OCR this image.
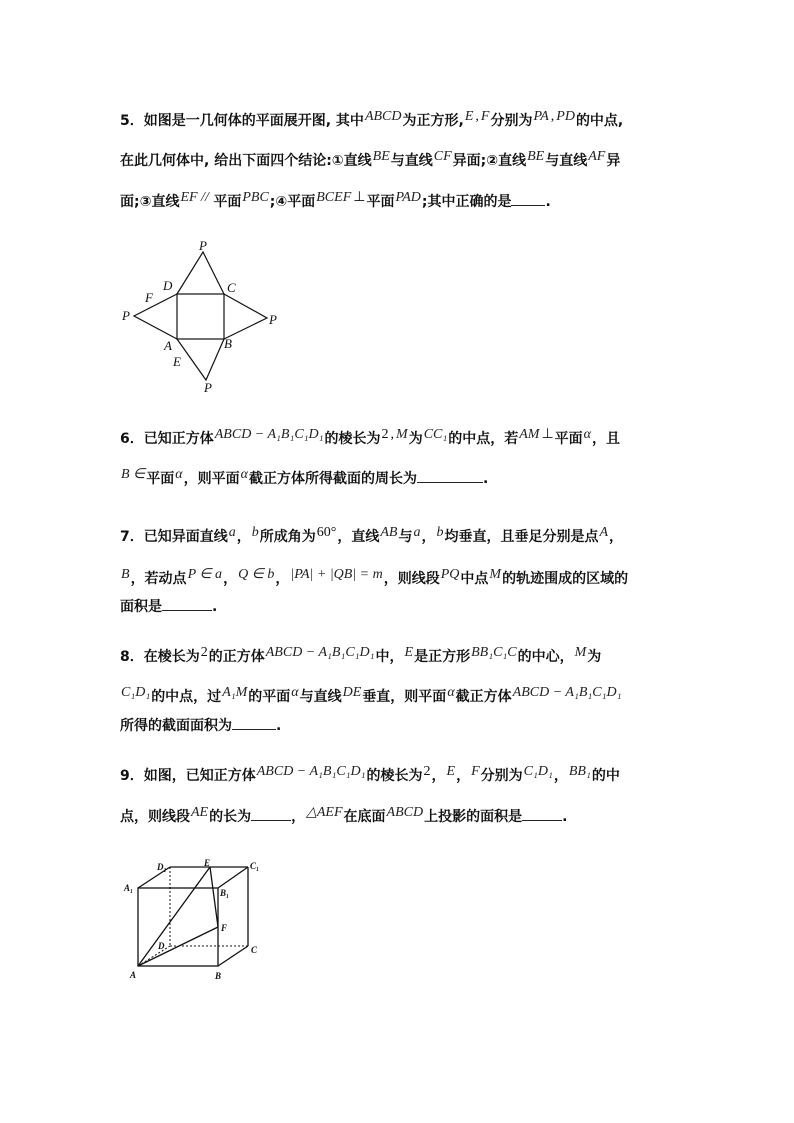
5．如图是一几何体的平面展开图, 其中ABCD为正方形,E , F分别为PA , PD的中点,
在此几何体中, 给出下面四个结论:①直线BE与直线CF异面;②直线BE与直线AF异
面;③直线EF // 平面PBC;④平面BCEF ⊥平面PAD;其中正确的是 .
P
P	P
P
D	C
F
A	B
E
6．已知正方体ABCD − A₁B₁C₁D₁的棱长为2 , M为CC₁的中点，若AM ⊥平面α，且
B ∈平面α，则平面α截正方体所得截面的周长为	.
7．已知异面直线a，b所成角为60°，直线AB与a，b均垂直，且垂足分别是点A，
B，若动点P ∈ a，Q ∈ b，|PA| + |QB| = m，则线段PQ中点M的轨迹围成的区域的
面积是	.
8．在棱长为2的正方体ABCD − A₁B₁C₁D₁中，E是正方形BB₁C₁C的中心，M为
C₁D₁的中点，过A₁M的平面α与直线DE垂直，则平面α截正方体ABCD − A₁B₁C₁D₁
所得的截面面积为	.
9．如图，已知正方体ABCD − A₁B₁C₁D₁的棱长为2，E，F分别为C₁D₁，BB₁的中
点，则线段AE的长为	，△AEF在底面ABCD上投影的面积是	.
D₁	E	C₁
A₁	B₁
F
D	C
A	B
